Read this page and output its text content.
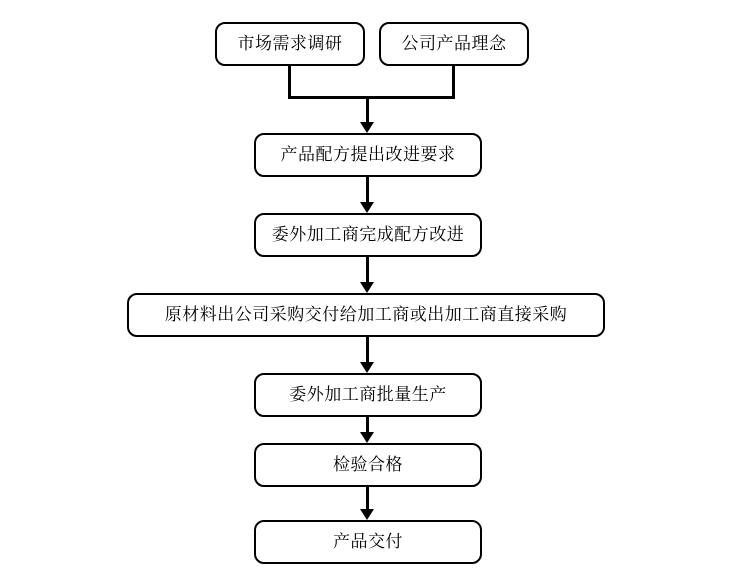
市场需求调研	公司产品理念
产品配方提出改进要求
委外加工商完成配方改进
原材料出公司采购交付给加工商或出加工商直接采购
委外加工商批量生产
检验合格
产品交付
